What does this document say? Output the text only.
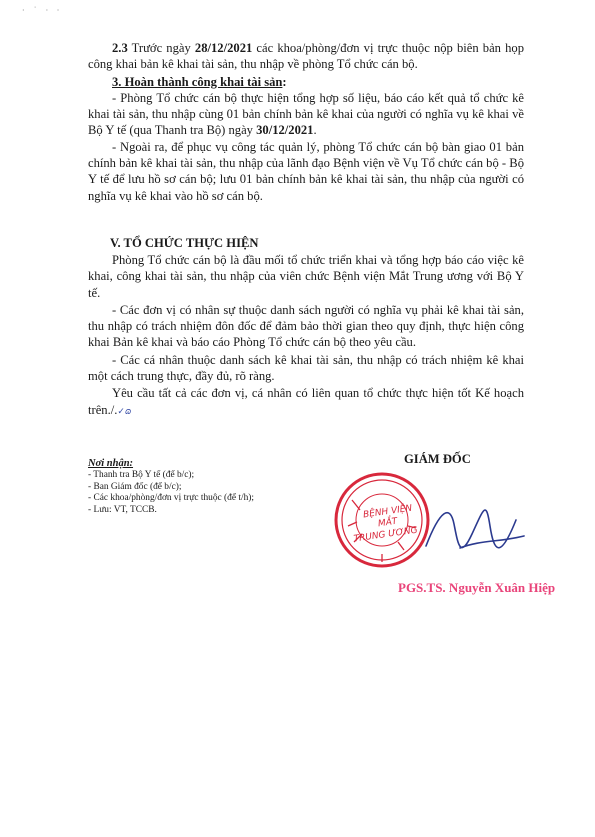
· ˙ · ·

2.3 Trước ngày 28/12/2021 các khoa/phòng/đơn vị trực thuộc nộp biên bản họp công khai bản kê khai tài sản, thu nhập về phòng Tổ chức cán bộ.

3. Hoàn thành công khai tài sản:

- Phòng Tổ chức cán bộ thực hiện tổng hợp số liệu, báo cáo kết quả tổ chức kê khai tài sản, thu nhập cùng 01 bản chính bản kê khai của người có nghĩa vụ kê khai về Bộ Y tế (qua Thanh tra Bộ) ngày 30/12/2021.

- Ngoài ra, để phục vụ công tác quản lý, phòng Tổ chức cán bộ bàn giao 01 bản chính bản kê khai tài sản, thu nhập của lãnh đạo Bệnh viện về Vụ Tổ chức cán bộ - Bộ Y tế để lưu hồ sơ cán bộ; lưu 01 bản chính bản kê khai tài sản, thu nhập của người có nghĩa vụ kê khai vào hồ sơ cán bộ.

V. TỔ CHỨC THỰC HIỆN

Phòng Tổ chức cán bộ là đầu mối tổ chức triển khai và tổng hợp báo cáo việc kê khai, công khai tài sản, thu nhập của viên chức Bệnh viện Mắt Trung ương với Bộ Y tế.

- Các đơn vị có nhân sự thuộc danh sách người có nghĩa vụ phải kê khai tài sản, thu nhập có trách nhiệm đôn đốc để đảm bảo thời gian theo quy định, thực hiện công khai Bản kê khai và báo cáo Phòng Tổ chức cán bộ theo yêu cầu.

- Các cá nhân thuộc danh sách kê khai tài sản, thu nhập có trách nhiệm kê khai một cách trung thực, đầy đủ, rõ ràng.

Yêu cầu tất cả các đơn vị, cá nhân có liên quan tổ chức thực hiện tốt Kế hoạch trên./.✓ɷ

Nơi nhận:
- Thanh tra Bộ Y tế (để b/c);
- Ban Giám đốc (để b/c);
- Các khoa/phòng/đơn vị trực thuộc (để t/h);
- Lưu: VT, TCCB.
GIÁM ĐỐC
BỆNH VIỆN
MẮT
TRUNG ƯƠNG
PGS.TS. Nguyễn Xuân Hiệp
